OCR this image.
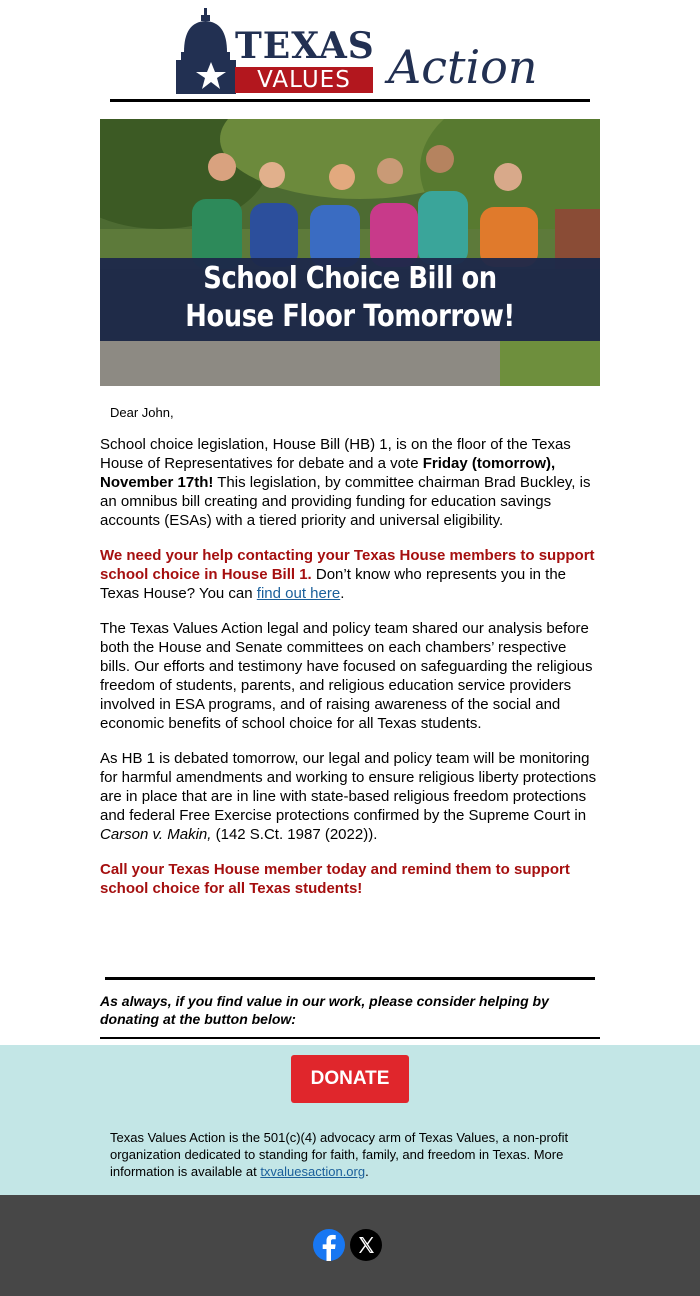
TEXAS
VALUES Action
School Choice Bill on
House Floor Tomorrow!
Dear John,

School choice legislation, House Bill (HB) 1, is on the floor of the Texas House of Representatives for debate and a vote Friday (tomorrow), November 17th! This legislation, by committee chairman Brad Buckley, is an omnibus bill creating and providing funding for education savings accounts (ESAs) with a tiered priority and universal eligibility.

We need your help contacting your Texas House members to support school choice in House Bill 1. Don’t know who represents you in the Texas House? You can find out here.

The Texas Values Action legal and policy team shared our analysis before both the House and Senate committees on each chambers’ respective bills. Our efforts and testimony have focused on safeguarding the religious freedom of students, parents, and religious education service providers involved in ESA programs, and of raising awareness of the social and economic benefits of school choice for all Texas students.

As HB 1 is debated tomorrow, our legal and policy team will be monitoring for harmful amendments and working to ensure religious liberty protections are in place that are in line with state-based religious freedom protections and federal Free Exercise protections confirmed by the Supreme Court in Carson v. Makin, (142 S.Ct. 1987 (2022)).

Call your Texas House member today and remind them to support school choice for all Texas students!

As always, if you find value in our work, please consider helping by donating at the button below:
DONATE
Texas Values Action is the 501(c)(4) advocacy arm of Texas Values, a non-profit organization dedicated to standing for faith, family, and freedom in Texas. More information is available at txvaluesaction.org.
